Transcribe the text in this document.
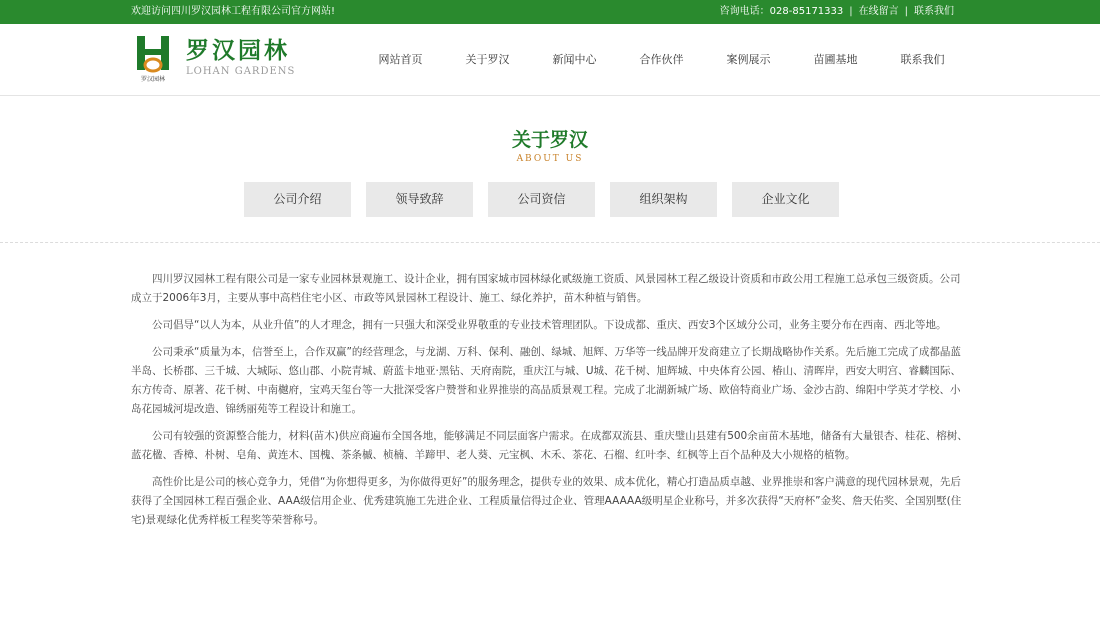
欢迎访问四川罗汉园林工程有限公司官方网站!	咨询电话：028-85171333 | 在线留言 | 联系我们
罗汉园林
罗汉园林
LOHAN GARDENS
网站首页	关于罗汉	新闻中心	合作伙伴	案例展示	苗圃基地	联系我们
关于罗汉
ABOUT US
公司介绍	领导致辞	公司资信	组织架构	企业文化

四川罗汉园林工程有限公司是一家专业园林景观施工、设计企业，拥有国家城市园林绿化贰级施工资质、风景园林工程乙级设计资质和市政公用工程施工总承包三级资质。公司成立于2006年3月，主要从事中高档住宅小区、市政等风景园林工程设计、施工、绿化养护，苗木种植与销售。

公司倡导“以人为本，从业升值”的人才理念，拥有一只强大和深受业界敬重的专业技术管理团队。下设成都、重庆、西安3个区域分公司，业务主要分布在西南、西北等地。

公司秉承“质量为本，信誉至上，合作双赢”的经营理念，与龙湖、万科、保利、融创、绿城、旭辉、万华等一线品牌开发商建立了长期战略协作关系。先后施工完成了成都晶蓝半岛、长桥郡、三千城、大城际、悠山郡、小院青城、蔚蓝卡地亚·黑钻、天府南院，重庆江与城、U城、花千树、旭辉城、中央体育公园、椿山、清晖岸，西安大明宫、睿麟国际、东方传奇、原著、花千树、中南樾府，宝鸡天玺台等一大批深受客户赞誉和业界推崇的高品质景观工程。完成了北湖新城广场、欧倍特商业广场、金沙古韵、绵阳中学英才学校、小岛花园城河堤改造、锦绣丽苑等工程设计和施工。

公司有较强的资源整合能力，材料(苗木)供应商遍布全国各地，能够满足不同层面客户需求。在成都双流县、重庆璧山县建有500余亩苗木基地，储备有大量银杏、桂花、榕树、蓝花楹、香樟、朴树、皂角、黄连木、国槐、茶条槭、桢楠、羊蹄甲、老人葵、元宝枫、木禾、茶花、石榴、红叶李、红枫等上百个品种及大小规格的植物。

高性价比是公司的核心竞争力，凭借“为你想得更多，为你做得更好”的服务理念，提供专业的效果、成本优化，精心打造品质卓越、业界推崇和客户满意的现代园林景观，先后获得了全国园林工程百强企业、AAA级信用企业、优秀建筑施工先进企业、工程质量信得过企业、管理AAAAA级明星企业称号，并多次获得“天府杯”金奖、詹天佑奖、全国别墅(住宅)景观绿化优秀样板工程奖等荣誉称号。
